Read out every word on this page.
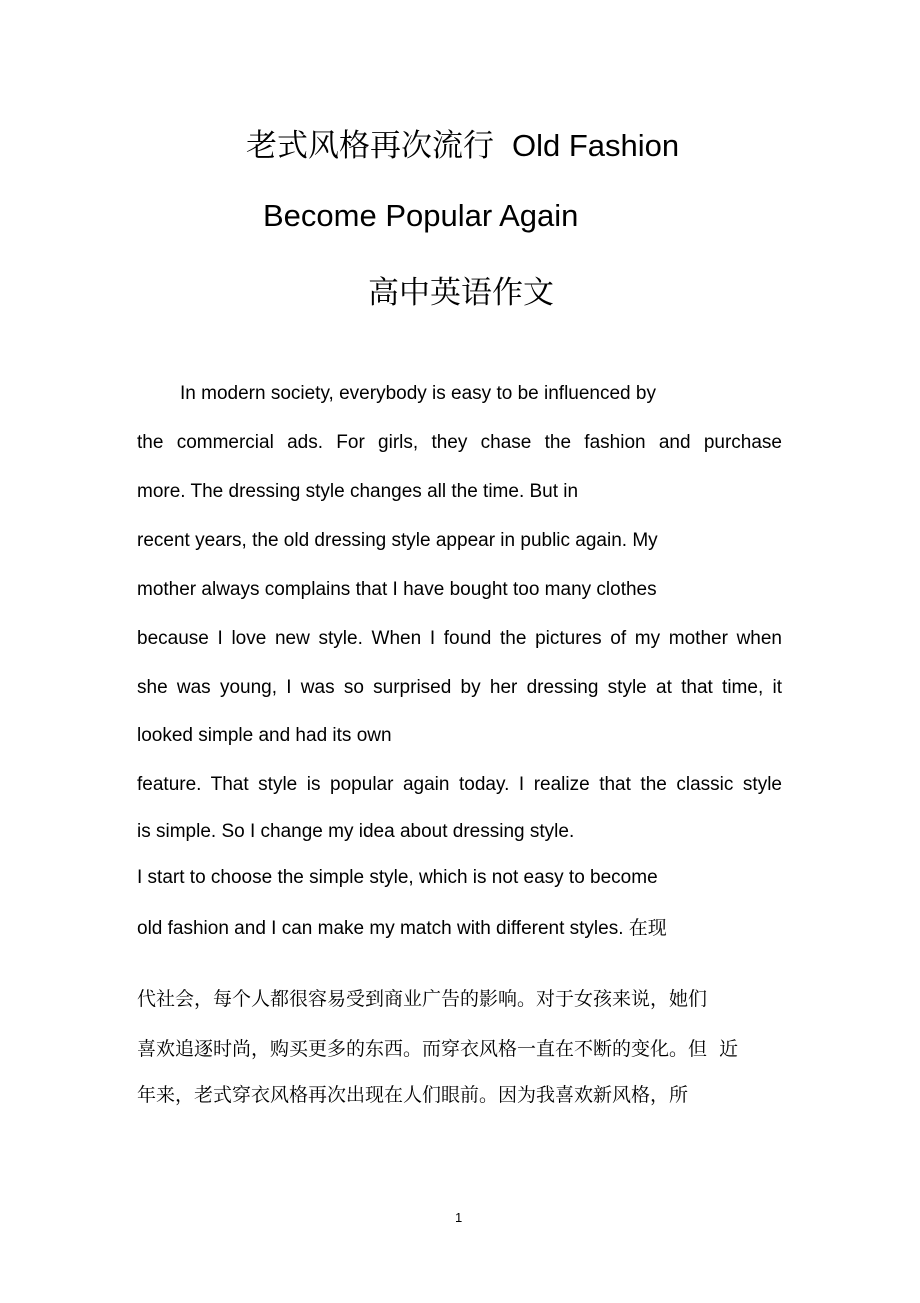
老式风格再次流行 Old Fashion
Become Popular Again
高中英语作文
In modern society, everybody is easy to be influenced by
the commercial ads. For girls, they chase the fashion and purchase
more. The dressing style changes all the time. But in
recent years, the old dressing style appear in public again. My
mother always complains that I have bought too many clothes
because I love new style. When I found the pictures of my mother when
she was young, I was so surprised by her dressing style at that time, it
looked simple and had its own
feature. That style is popular again today. I realize that the classic style
is simple. So I change my idea about dressing style.
I start to choose the simple style, which is not easy to become
old fashion and I can make my match with different styles. 在现
代社会，每个人都很容易受到商业广告的影响。对于女孩来说，她们
喜欢追逐时尚，购买更多的东西。而穿衣风格一直在不断的变化。但  近
年来，老式穿衣风格再次出现在人们眼前。因为我喜欢新风格，所
1
